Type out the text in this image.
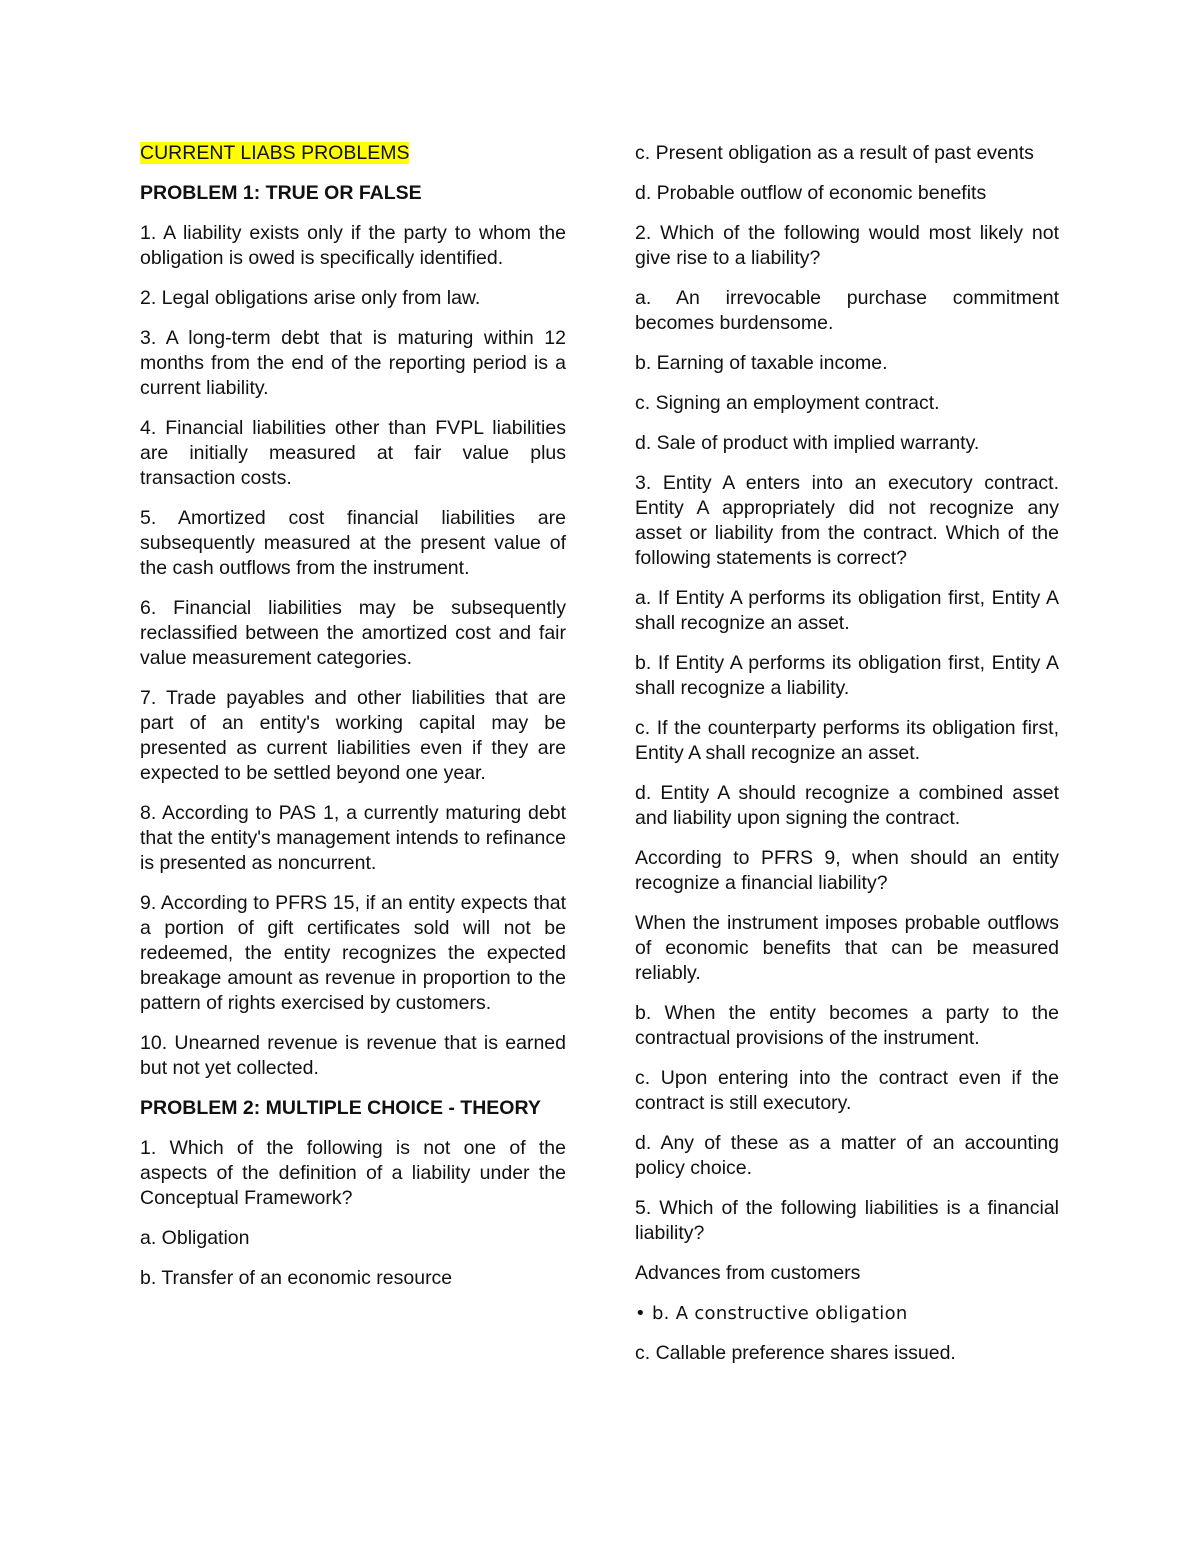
CURRENT LIABS PROBLEMS

PROBLEM 1: TRUE OR FALSE

1. A liability exists only if the party to whom the obligation is owed is specifically identified.

2. Legal obligations arise only from law.

3. A long-term debt that is maturing within 12 months from the end of the reporting period is a current liability.

4. Financial liabilities other than FVPL liabilities are initially measured at fair value plus transaction costs.

5. Amortized cost financial liabilities are subsequently measured at the present value of the cash outflows from the instrument.

6. Financial liabilities may be subsequently reclassified between the amortized cost and fair value measurement categories.

7. Trade payables and other liabilities that are part of an entity's working capital may be presented as current liabilities even if they are expected to be settled beyond one year.

8. According to PAS 1, a currently maturing debt that the entity's management intends to refinance is presented as noncurrent.

9. According to PFRS 15, if an entity expects that a portion of gift certificates sold will not be redeemed, the entity recognizes the expected breakage amount as revenue in proportion to the pattern of rights exercised by customers.

10. Unearned revenue is revenue that is earned but not yet collected.

PROBLEM 2: MULTIPLE CHOICE - THEORY

1. Which of the following is not one of the aspects of the definition of a liability under the Conceptual Framework?

a. Obligation

b. Transfer of an economic resource

c. Present obligation as a result of past events

d. Probable outflow of economic benefits

2. Which of the following would most likely not give rise to a liability?

a. An irrevocable purchase commitment becomes burdensome.

b. Earning of taxable income.

c. Signing an employment contract.

d. Sale of product with implied warranty.

3. Entity A enters into an executory contract. Entity A appropriately did not recognize any asset or liability from the contract. Which of the following statements is correct?

a. If Entity A performs its obligation first, Entity A shall recognize an asset.

b. If Entity A performs its obligation first, Entity A shall recognize a liability.

c. If the counterparty performs its obligation first, Entity A shall recognize an asset.

d. Entity A should recognize a combined asset and liability upon signing the contract.

According to PFRS 9, when should an entity recognize a financial liability?

When the instrument imposes probable outflows of economic benefits that can be measured reliably.

b. When the entity becomes a party to the contractual provisions of the instrument.

c. Upon entering into the contract even if the contract is still executory.

d. Any of these as a matter of an accounting policy choice.

5. Which of the following liabilities is a financial liability?

Advances from customers

• b. A constructive obligation

c. Callable preference shares issued.
